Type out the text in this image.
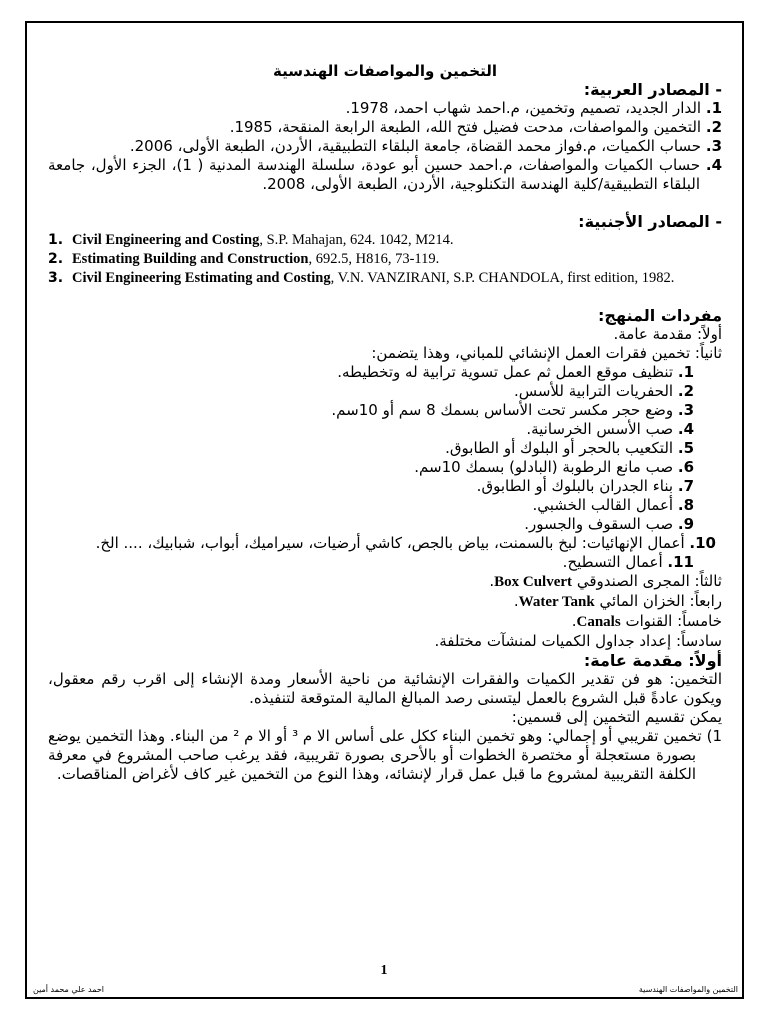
التخمين والمواصفات الهندسية
- المصادر العربية:
1. الدار الجديد، تصميم وتخمين، م.احمد شهاب احمد، 1978.
2. التخمين والمواصفات، مدحت فضيل فتح الله، الطبعة الرابعة المنقحة، 1985.
3. حساب الكميات، م.فواز محمد القضاة، جامعة البلقاء التطبيقية، الأردن، الطبعة الأولى، 2006.
4. حساب الكميات والمواصفات، م.احمد حسين أبو عودة، سلسلة الهندسة المدنية ( 1)، الجزء الأول، جامعة البلقاء التطبيقية/كلية الهندسة التكنلوجية، الأردن، الطبعة الأولى، 2008.
- المصادر الأجنبية:
1. Civil Engineering and Costing, S.P. Mahajan, 624. 1042, M214.
2. Estimating Building and Construction, 692.5, H816, 73-119.
3. Civil Engineering Estimating and Costing, V.N. VANZIRANI, S.P. CHANDOLA, first edition, 1982.
مفردات المنهج:
أولاً: مقدمة عامة.
ثانياً: تخمين فقرات العمل الإنشائي للمباني، وهذا يتضمن:
1. تنظيف موقع العمل ثم عمل تسوية ترابية له وتخطيطه.
2. الحفريات الترابية للأسس.
3. وضع حجر مكسر تحت الأساس بسمك 8 سم أو 10سم.
4. صب الأسس الخرسانية.
5. التكعيب بالحجر أو البلوك أو الطابوق.
6. صب مانع الرطوبة (البادلو) بسمك 10سم.
7. بناء الجدران بالبلوك أو الطابوق.
8. أعمال القالب الخشبي.
9. صب السقوف والجسور.
10. أعمال الإنهائيات: لبخ بالسمنت، بياض بالجص، كاشي أرضيات، سيراميك، أبواب، شبابيك، .... الخ.
11. أعمال التسطيح.
ثالثاً: المجرى الصندوقي Box Culvert.
رابعاً: الخزان المائي Water Tank.
خامساً: القنوات Canals.
سادساً: إعداد جداول الكميات لمنشآت مختلفة.
أولاً: مقدمة عامة:
التخمين: هو فن تقدير الكميات والفقرات الإنشائية من ناحية الأسعار ومدة الإنشاء إلى اقرب رقم معقول، ويكون عادةً قبل الشروع بالعمل ليتسنى رصد المبالغ المالية المتوقعة لتنفيذه.
يمكن تقسيم التخمين إلى قسمين:
1) تخمين تقريبي أو إجمالي: وهو تخمين البناء ككل على أساس الا م ³ أو الا م ² من البناء. وهذا التخمين يوضع بصورة مستعجلة أو مختصرة الخطوات أو بالأحرى بصورة تقريبية، فقد يرغب صاحب المشروع في معرفة الكلفة التقريبية لمشروع ما قبل عمل قرار لإنشائه، وهذا النوع من التخمين غير كاف لأغراض المناقصات.
1
احمد علي محمد أمين	التخمين والمواصفات الهندسية
